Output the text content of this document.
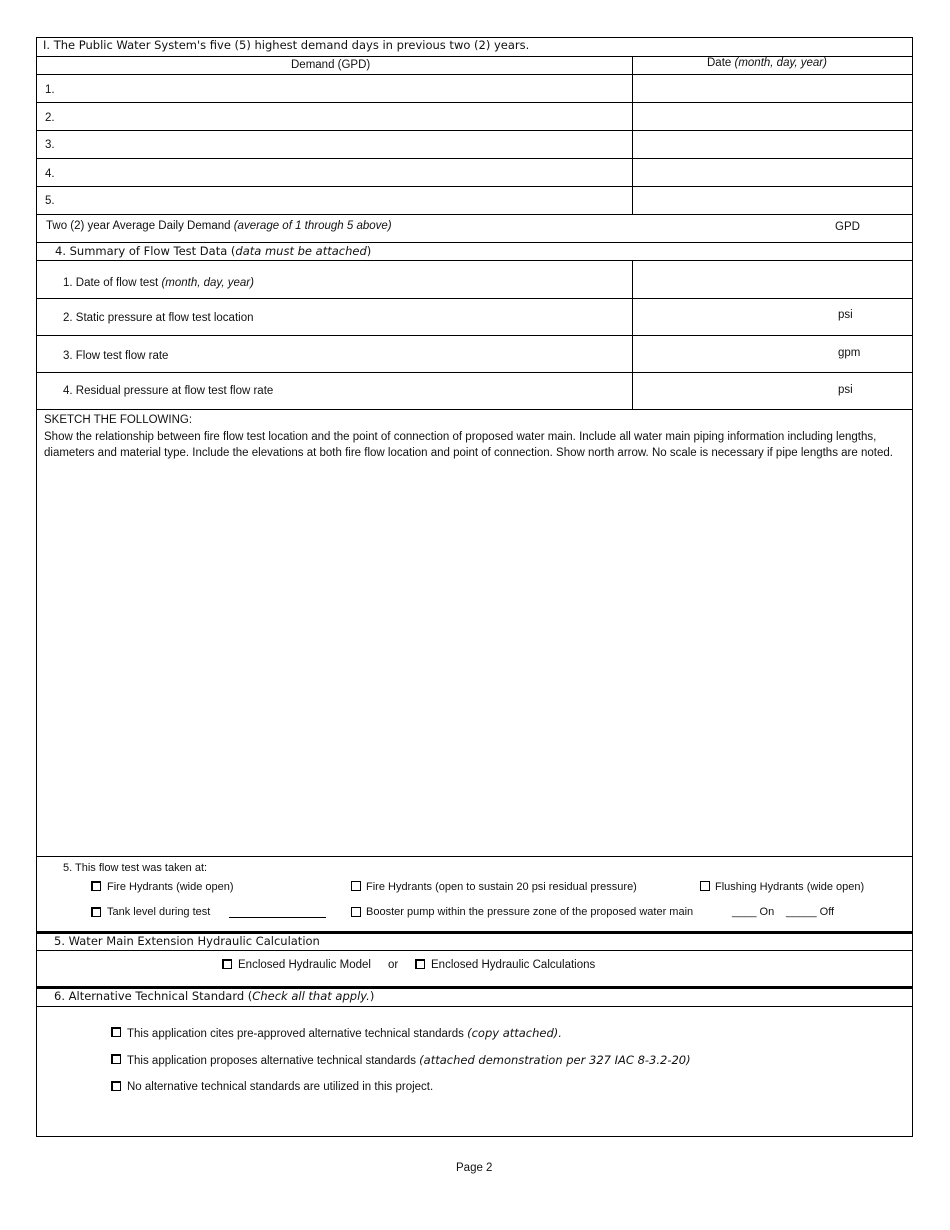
I. The Public Water System's five (5) highest demand days in previous two (2) years.
Demand (GPD)	Date (month, day, year)
1.
2.
3.
4.
5.
Two (2) year Average Daily Demand (average of 1 through 5 above)	GPD
4. Summary of Flow Test Data (data must be attached)
1. Date of flow test (month, day, year)
2. Static pressure at flow test location	psi
3. Flow test flow rate	gpm
4. Residual pressure at flow test flow rate	psi
SKETCH THE FOLLOWING:
Show the relationship between fire flow test location and the point of connection of proposed water main. Include all water main piping information including lengths, diameters and material type. Include the elevations at both fire flow location and point of connection. Show north arrow. No scale is necessary if pipe lengths are noted.
5. This flow test was taken at:
Fire Hydrants (wide open)	Fire Hydrants (open to sustain 20 psi residual pressure)	Flushing Hydrants (wide open)
Tank level during test	Booster pump within the pressure zone of the proposed water main	____ On _____ Off
5. Water Main Extension Hydraulic Calculation
Enclosed Hydraulic Model or	Enclosed Hydraulic Calculations
6. Alternative Technical Standard (Check all that apply.)
This application cites pre-approved alternative technical standards (copy attached).
This application proposes alternative technical standards (attached demonstration per 327 IAC 8-3.2-20)
No alternative technical standards are utilized in this project.
Page 2
